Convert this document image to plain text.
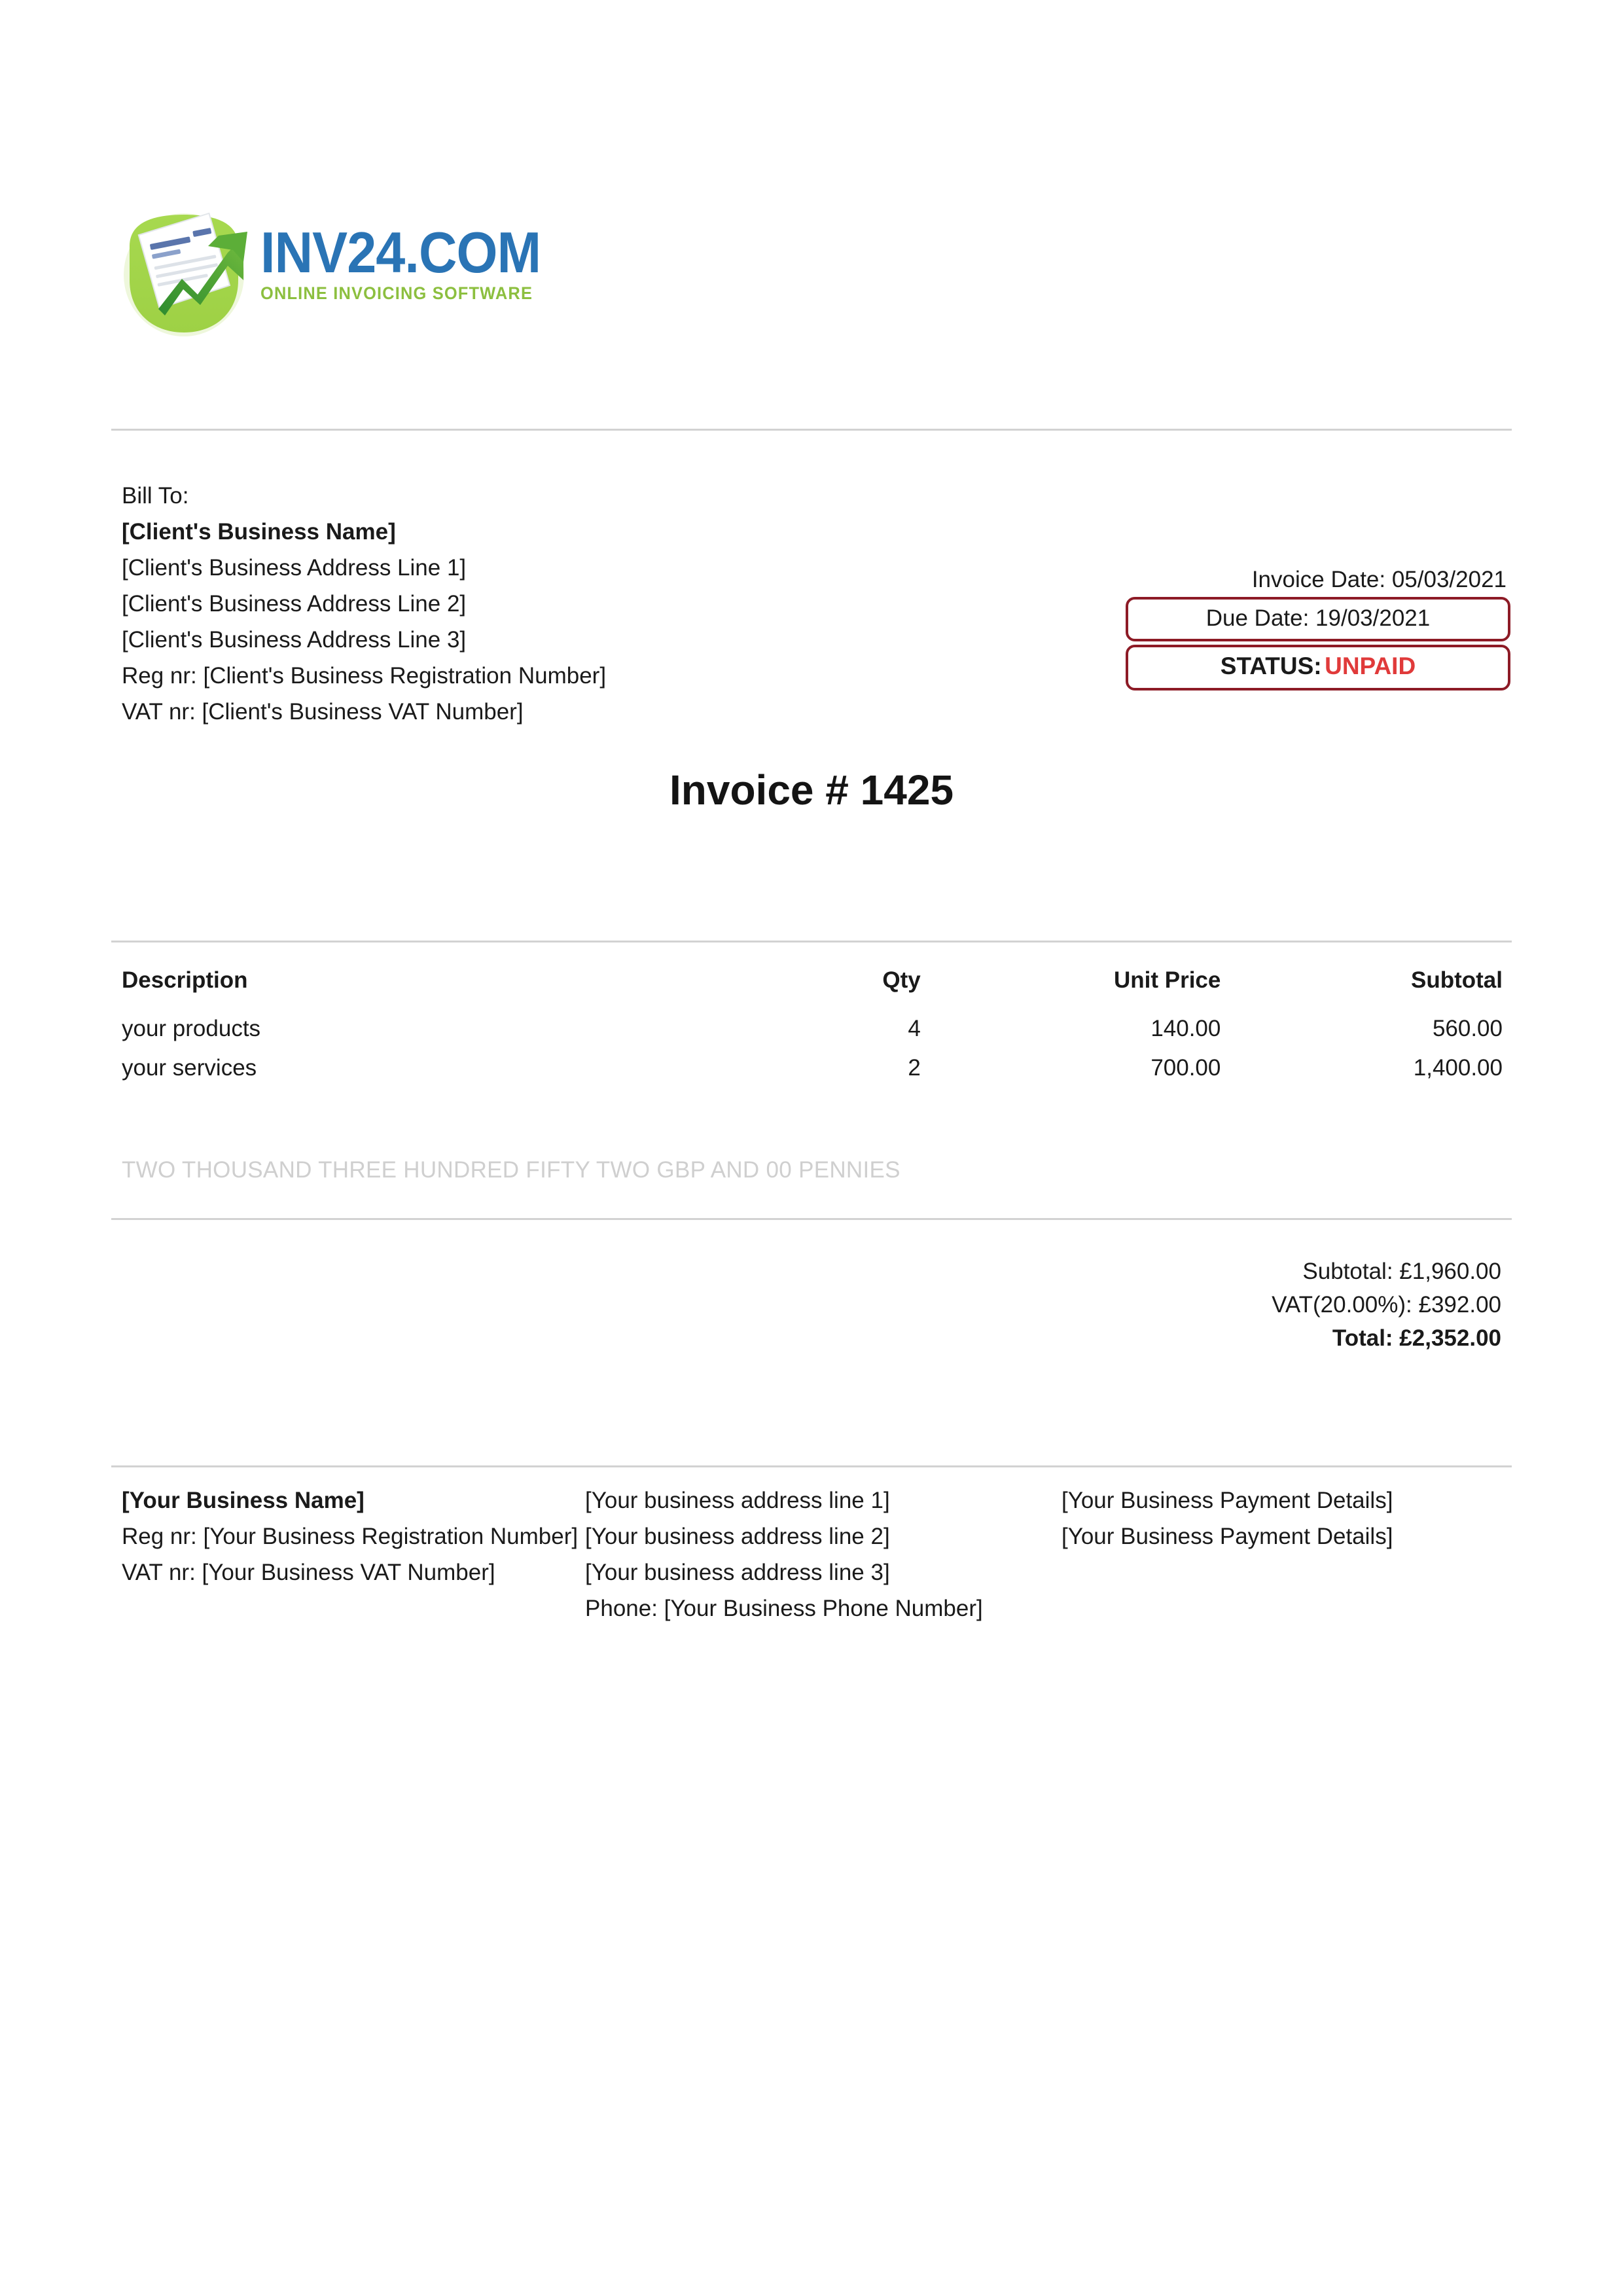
INV24.COM
ONLINE INVOICING SOFTWARE
Bill To:
[Client's Business Name]
[Client's Business Address Line 1]
[Client's Business Address Line 2]
[Client's Business Address Line 3]
Reg nr: [Client's Business Registration Number]
VAT nr: [Client's Business VAT Number]
Invoice Date: 05/03/2021
Due Date: 19/03/2021
STATUS: UNPAID
Invoice # 1425
Description	Qty	Unit Price	Subtotal
your products	4	140.00	560.00
your services	2	700.00	1,400.00
TWO THOUSAND THREE HUNDRED FIFTY TWO GBP AND 00 PENNIES
Subtotal: £1,960.00
VAT(20.00%): £392.00
Total: £2,352.00
[Your Business Name]
Reg nr: [Your Business Registration Number]
VAT nr: [Your Business VAT Number]
[Your business address line 1]
[Your business address line 2]
[Your business address line 3]
Phone: [Your Business Phone Number]
[Your Business Payment Details]
[Your Business Payment Details]
